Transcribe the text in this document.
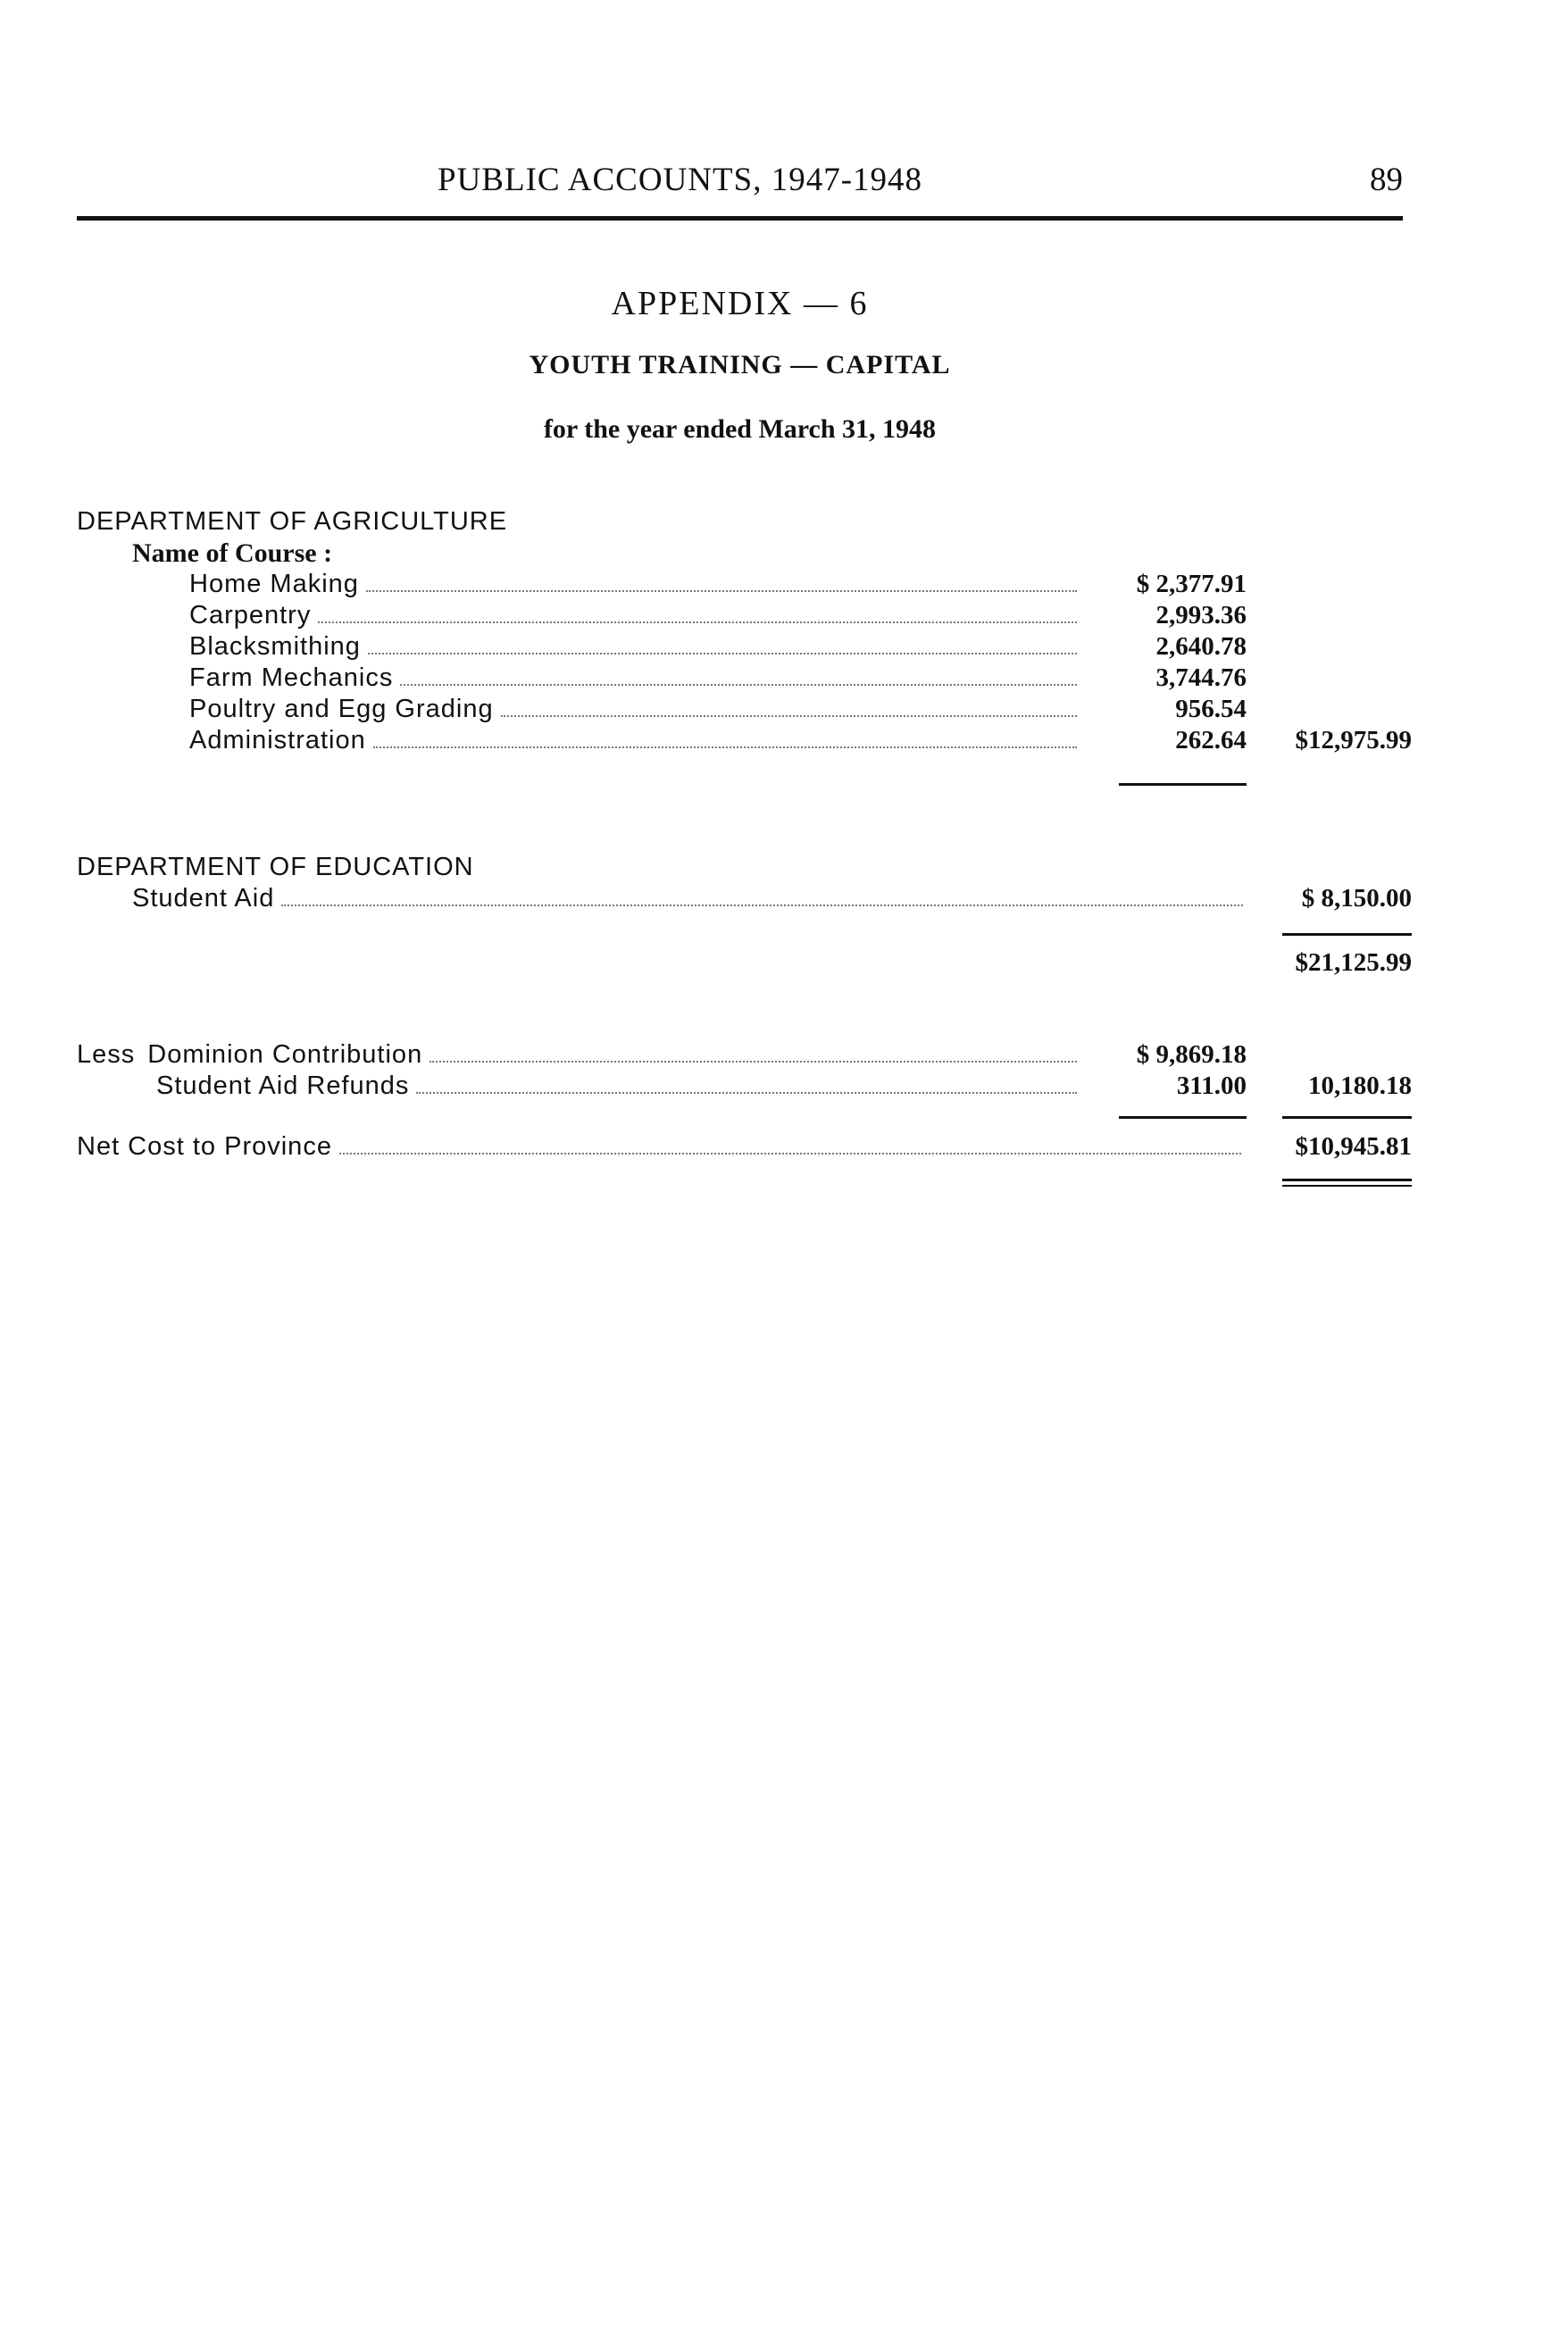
PUBLIC ACCOUNTS, 1947-1948	89
APPENDIX — 6
YOUTH TRAINING — CAPITAL
for the year ended March 31, 1948
DEPARTMENT OF AGRICULTURE
Name of Course :
Home Making	$ 2,377.91
Carpentry	2,993.36
Blacksmithing	2,640.78
Farm Mechanics	3,744.76
Poultry and Egg Grading	956.54
Administration	262.64 $12,975.99
DEPARTMENT OF EDUCATION
Student Aid	$ 8,150.00
$21,125.99
Less Dominion Contribution	$ 9,869.18
Student Aid Refunds	311.00 10,180.18
Net Cost to Province	$10,945.81
